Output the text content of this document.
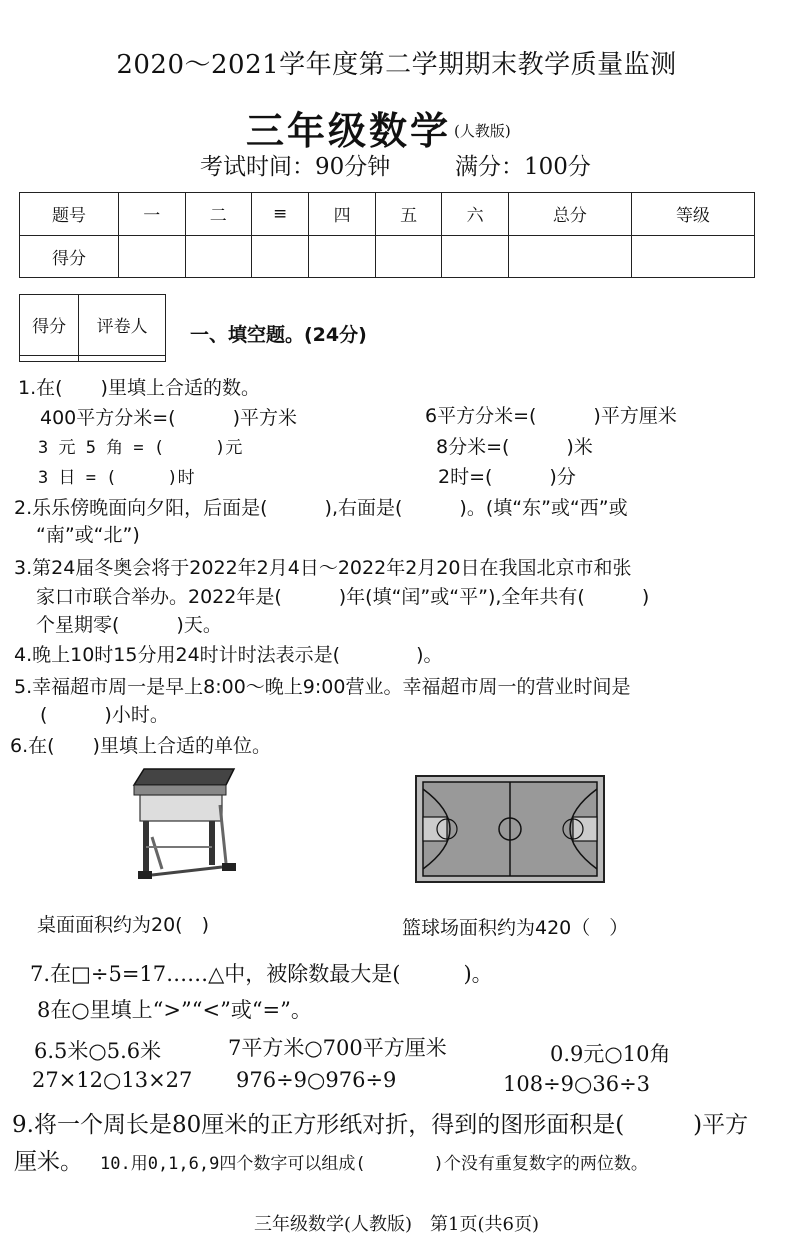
2020～2021学年度第二学期期末教学质量监测
三年级数学 (人教版)
考试时间：90分钟	满分：100分
题号	一	二	≡	四	五	六	总分	等级
得分								
得分	评卷人
	一、填空题。(24分)
1.在(　　)里填上合适的数。
400平方分米=(　　　)平方米	6平方分米=(　　　)平方厘米
3 元 5 角 = (　　　)元	8分米=(　　　)米
3 日 = (　　　)时	2时=(　　　)分
2.乐乐傍晚面向夕阳，后面是(　　　),右面是(　　　)。(填“东”或“西”或
“南”或“北”)
3.第24届冬奥会将于2022年2月4日～2022年2月20日在我国北京市和张
家口市联合举办。2022年是(　　　)年(填“闰”或“平”),全年共有(　　　)
个星期零(　　　)天。
4.晚上10时15分用24时计时法表示是(　　　　)。
5.幸福超市周一是早上8:00～晚上9:00营业。幸福超市周一的营业时间是
(　　　)小时。
6.在(　　)里填上合适的单位。
桌面面积约为20(　)	篮球场面积约为420（　）
7.在□÷5=17……△中，被除数最大是(　　　)。
8在○里填上“>”“<”或“=”。
6.5米○5.6米	7平方米○700平方厘米	0.9元○10角
27×12○13×27 976÷9○976÷9	108÷9○36÷3
9.将一个周长是80厘米的正方形纸对折，得到的图形面积是(　　　)平方
厘米。 10.用0,1,6,9四个数字可以组成(　　　　)个没有重复数字的两位数。
三年级数学(人教版)　第1页(共6页)
